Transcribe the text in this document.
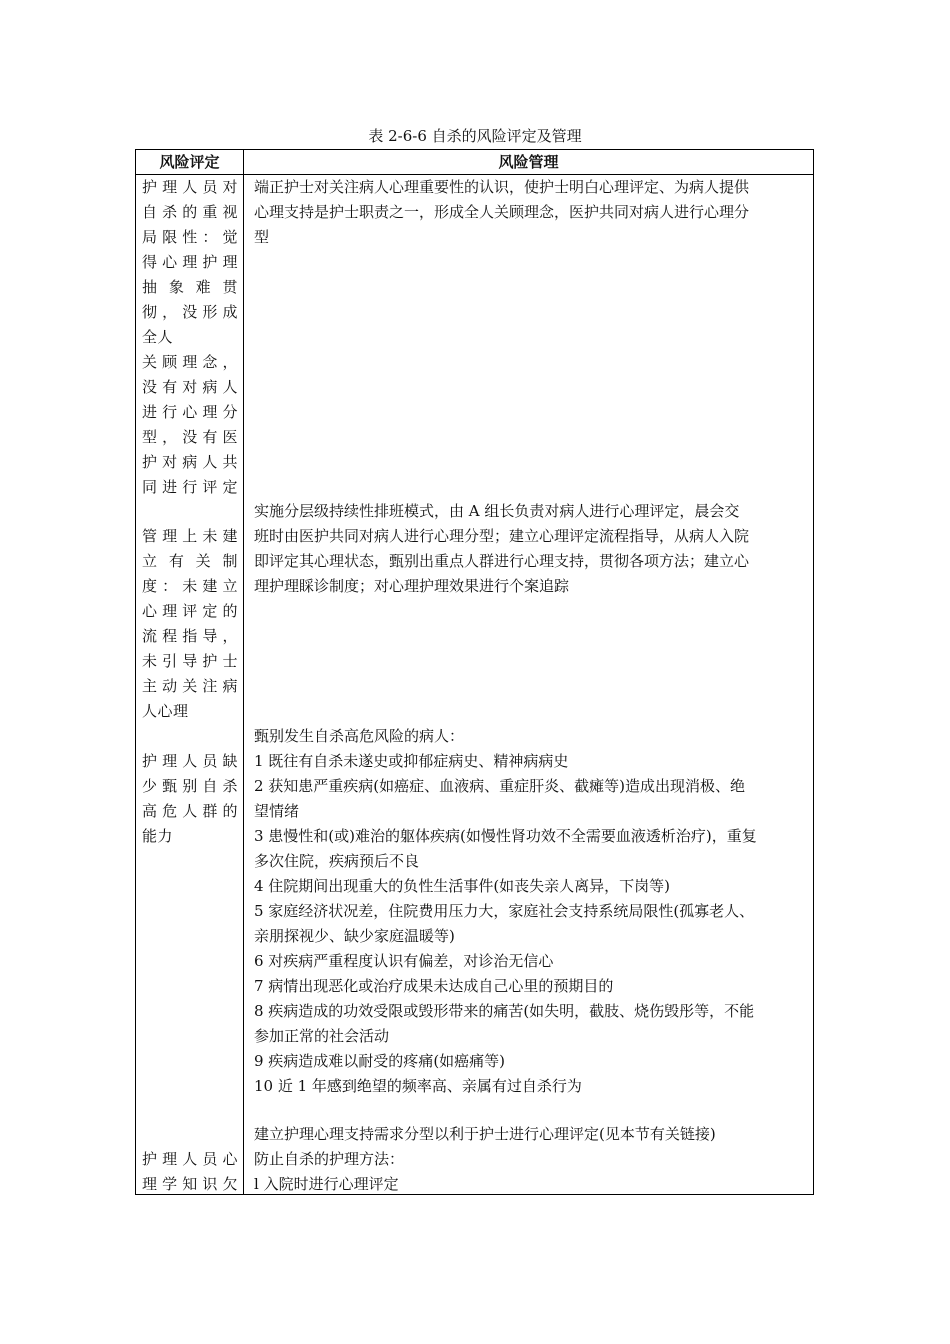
表 2-6-6 自杀的风险评定及管理
风险评定	风险管理
护理人员对
自杀的重视
局限性：觉
得心理护理
抽 象 难 贯
彻，没形成
全人
关顾理念，
没有对病人
进行心理分
型，没有医
护对病人共
同进行评定
端正护士对关注病人心理重要性的认识，使护士明白心理评定、为病人提供
心理支持是护士职责之一，形成全人关顾理念，医护共同对病人进行心理分
型
管理上未建
立 有 关 制
度：未建立
心理评定的
流程指导，
未引导护士
主动关注病
人心理
实施分层级持续性排班模式，由 A 组长负责对病人进行心理评定，晨会交
班时由医护共同对病人进行心理分型；建立心理评定流程指导，从病人入院
即评定其心理状态，甄别出重点人群进行心理支持，贯彻各项方法；建立心
理护理睬诊制度；对心理护理效果进行个案追踪
护理人员缺
少甄别自杀
高危人群的
能力
甄别发生自杀高危风险的病人：
1 既往有自杀未遂史或抑郁症病史、精神病病史
2 获知患严重疾病(如癌症、血液病、重症肝炎、截瘫等)造成出现消极、绝
望情绪
3 患慢性和(或)难治的躯体疾病(如慢性肾功效不全需要血液透析治疗)，重复
多次住院，疾病预后不良
4 住院期间出现重大的负性生活事件(如丧失亲人离异，下岗等)
5 家庭经济状况差，住院费用压力大，家庭社会支持系统局限性(孤寡老人、
亲朋探视少、缺少家庭温暖等)
6 对疾病严重程度认识有偏差，对诊治无信心
7 病情出现恶化或治疗成果未达成自己心里的预期目的
8 疾病造成的功效受限或毁形带来的痛苦(如失明，截肢、烧伤毁彤等，不能
参加正常的社会活动
9 疾病造成难以耐受的疼痛(如癌痛等)
10 近 1 年感到绝望的频率高、亲属有过自杀行为
护理人员心
理学知识欠
建立护理心理支持需求分型以利于护士进行心理评定(见本节有关链接)
防止自杀的护理方法：
l 入院时进行心理评定
